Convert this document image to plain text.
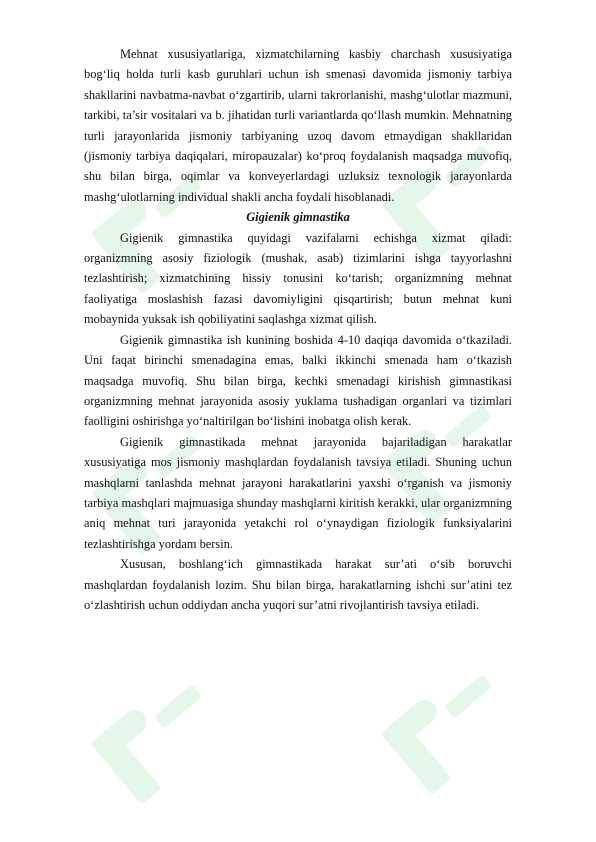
Mehnat xususiyatlariga, xizmatchilarning kasbiy charchash xususiyatiga bog‘liq holda turli kasb guruhlari uchun ish smenasi davomida jismoniy tarbiya shakllarini navbatma-navbat o‘zgartirib, ularni takrorlanishi, mashg‘ulotlar mazmuni, tarkibi, ta’sir vositalari va b. jihatidan turli variantlarda qo‘llash mumkin. Mehnatning turli jarayonlarida jismoniy tarbiyaning uzoq davom etmaydigan shakllaridan (jismoniy tarbiya daqiqalari, miropauzalar) ko‘proq foydalanish maqsadga muvofiq, shu bilan birga, oqimlar va konveyerlardagi uzluksiz texnologik jarayonlarda mashg‘ulotlarning individual shakli ancha foydali hisoblanadi.

Gigienik gimnastika

Gigienik gimnastika quyidagi vazifalarni echishga xizmat qiladi: organizmning asosiy fiziologik (mushak, asab) tizimlarini ishga tayyorlashni tezlashtirish; xizmatchining hissiy tonusini ko‘tarish; organizmning mehnat faoliyatiga moslashish fazasi davomiyligini qisqartirish; butun mehnat kuni mobaynida yuksak ish qobiliyatini saqlashga xizmat qilish.

Gigienik gimnastika ish kunining boshida 4-10 daqiqa davomida o‘tkaziladi. Uni faqat birinchi smenadagina emas, balki ikkinchi smenada ham o‘tkazish maqsadga muvofiq. Shu bilan birga, kechki smenadagi kirishish gimnastikasi organizmning mehnat jarayonida asosiy yuklama tushadigan organlari va tizimlari faolligini oshirishga yo‘naltirilgan bo‘lishini inobatga olish kerak.

Gigienik gimnastikada mehnat jarayonida bajariladigan harakatlar xususiyatiga mos jismoniy mashqlardan foydalanish tavsiya etiladi. Shuning uchun mashqlarni tanlashda mehnat jarayoni harakatlarini yaxshi o‘rganish va jismoniy tarbiya mashqlari majmuasiga shunday mashqlarni kiritish kerakki, ular organizmning aniq mehnat turi jarayonida yetakchi rol o‘ynaydigan fiziologik funksiyalarini tezlashtirishga yordam bersin.

Xususan, boshlang‘ich gimnastikada harakat sur’ati o‘sib boruvchi mashqlardan foydalanish lozim. Shu bilan birga, harakatlarning ishchi sur’atini tez o‘zlashtirish uchun oddiydan ancha yuqori sur’atni rivojlantirish tavsiya etiladi.
